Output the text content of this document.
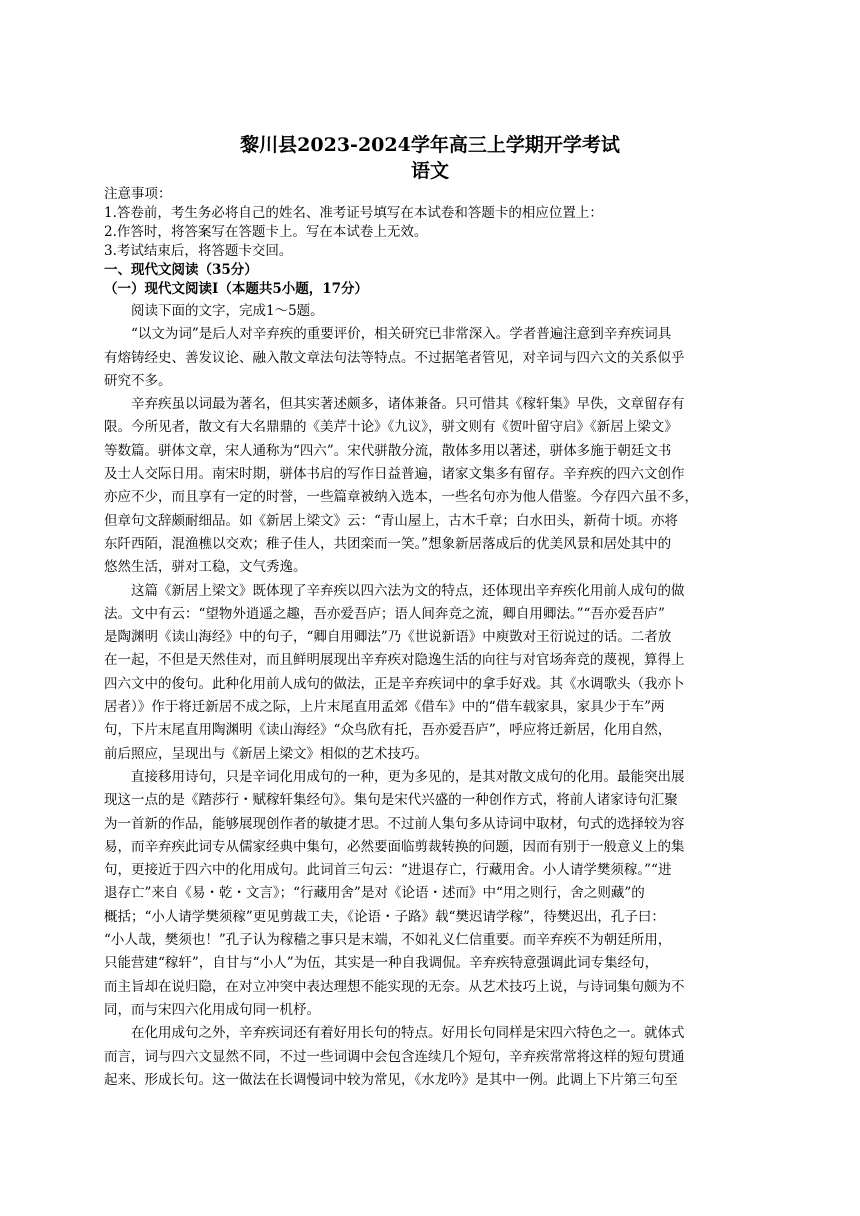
黎川县2023-2024学年高三上学期开学考试
语文
注意事项：
1.答卷前，考生务必将自己的姓名、准考证号填写在本试卷和答题卡的相应位置上：
2.作答时，将答案写在答题卡上。写在本试卷上无效。
3.考试结束后，将答题卡交回。
一、现代文阅读（35分）
（一）现代文阅读Ⅰ（本题共5小题，17分）
阅读下面的文字，完成1～5题。
　　“以文为词”是后人对辛弃疾的重要评价，相关研究已非常深入。学者普遍注意到辛弃疾词具
有熔铸经史、善发议论、融入散文章法句法等特点。不过据笔者管见，对辛词与四六文的关系似乎
研究不多。
　　辛弃疾虽以词最为著名，但其实著述颇多，诸体兼备。只可惜其《稼轩集》早佚，文章留存有
限。今所见者，散文有大名鼎鼎的《美芹十论》《九议》，骈文则有《贺叶留守启》《新居上梁文》
等数篇。骈体文章，宋人通称为“四六”。宋代骈散分流，散体多用以著述，骈体多施于朝廷文书
及士人交际日用。南宋时期，骈体书启的写作日益普遍，诸家文集多有留存。辛弃疾的四六文创作
亦应不少，而且享有一定的时誉，一些篇章被纳入选本，一些名句亦为他人借鉴。今存四六虽不多，
但章句文辞颇耐细品。如《新居上梁文》云：“青山屋上，古木千章；白水田头，新荷十顷。亦将
东阡西陌，混渔樵以交欢；稚子佳人，共团栾而一笑。”想象新居落成后的优美风景和居处其中的
悠然生活，骈对工稳，文气秀逸。
　　这篇《新居上梁文》既体现了辛弃疾以四六法为文的特点，还体现出辛弃疾化用前人成句的做
法。文中有云：“望物外逍遥之趣，吾亦爱吾庐；语人间奔竞之流，卿自用卿法。”“吾亦爱吾庐”
是陶渊明《读山海经》中的句子，“卿自用卿法”乃《世说新语》中庾敳对王衍说过的话。二者放
在一起，不但是天然佳对，而且鲜明展现出辛弃疾对隐逸生活的向往与对官场奔竞的蔑视，算得上
四六文中的俊句。此种化用前人成句的做法，正是辛弃疾词中的拿手好戏。其《水调歌头（我亦卜
居者）》作于将迁新居不成之际，上片末尾直用孟郊《借车》中的“借车载家具，家具少于车”两
句，下片末尾直用陶渊明《读山海经》“众鸟欣有托，吾亦爱吾庐”，呼应将迁新居，化用自然，
前后照应，呈现出与《新居上梁文》相似的艺术技巧。
　　直接移用诗句，只是辛词化用成句的一种，更为多见的，是其对散文成句的化用。最能突出展
现这一点的是《踏莎行・赋稼轩集经句》。集句是宋代兴盛的一种创作方式，将前人诸家诗句汇聚
为一首新的作品，能够展现创作者的敏捷才思。不过前人集句多从诗词中取材，句式的选择较为容
易，而辛弃疾此词专从儒家经典中集句，必然要面临剪裁转换的问题，因而有别于一般意义上的集
句，更接近于四六中的化用成句。此词首三句云：“进退存亡，行藏用舍。小人请学樊须稼。”“进
退存亡”来自《易・乾・文言》；“行藏用舍”是对《论语・述而》中“用之则行，舍之则藏”的
概括；“小人请学樊须稼”更见剪裁工夫，《论语・子路》载“樊迟请学稼”，待樊迟出，孔子曰：
“小人哉，樊须也！”孔子认为稼穑之事只是末端，不如礼义仁信重要。而辛弃疾不为朝廷所用，
只能营建“稼轩”，自甘与“小人”为伍，其实是一种自我调侃。辛弃疾特意强调此词专集经句，
而主旨却在说归隐，在对立冲突中表达理想不能实现的无奈。从艺术技巧上说，与诗词集句颇为不
同，而与宋四六化用成句同一机杼。
　　在化用成句之外，辛弃疾词还有着好用长句的特点。好用长句同样是宋四六特色之一。就体式
而言，词与四六文显然不同，不过一些词调中会包含连续几个短句，辛弃疾常常将这样的短句贯通
起来、形成长句。这一做法在长调慢词中较为常见，《水龙吟》是其中一例。此调上下片第三句至
